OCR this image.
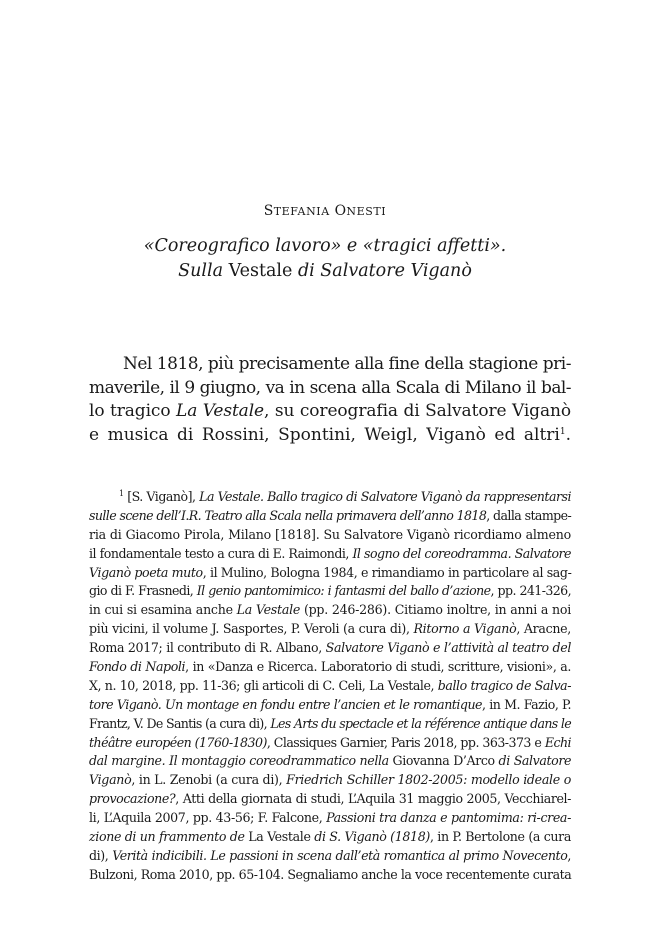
STEFANIA ONESTI
«Coreografico lavoro» e «tragici affetti».
Sulla Vestale di Salvatore Viganò
Nel 1818, più precisamente alla fine della stagione pri-
maverile, il 9 giugno, va in scena alla Scala di Milano il bal-
lo tragico La Vestale, su coreografia di Salvatore Viganò
e musica di Rossini, Spontini, Weigl, Viganò ed altri$^1$.
$^1$ [S. Viganò], La Vestale. Ballo tragico di Salvatore Viganò da rappresentarsi
sulle scene dell’I.R. Teatro alla Scala nella primavera dell’anno 1818, dalla stampe-
ria di Giacomo Pirola, Milano [1818]. Su Salvatore Viganò ricordiamo almeno
il fondamentale testo a cura di E. Raimondi, Il sogno del coreodramma. Salvatore
Viganò poeta muto, il Mulino, Bologna 1984, e rimandiamo in particolare al sag-
gio di F. Frasnedi, Il genio pantomimico: i fantasmi del ballo d’azione, pp. 241-326,
in cui si esamina anche La Vestale (pp. 246-286). Citiamo inoltre, in anni a noi
più vicini, il volume J. Sasportes, P. Veroli (a cura di), Ritorno a Viganò, Aracne,
Roma 2017; il contributo di R. Albano, Salvatore Viganò e l’attività al teatro del
Fondo di Napoli, in «Danza e Ricerca. Laboratorio di studi, scritture, visioni», a.
X, n. 10, 2018, pp. 11-36; gli articoli di C. Celi, La Vestale, ballo tragico de Salva-
tore Viganò. Un montage en fondu entre l’ancien et le romantique, in M. Fazio, P.
Frantz, V. De Santis (a cura di), Les Arts du spectacle et la référence antique dans le
théâtre européen (1760-1830), Classiques Garnier, Paris 2018, pp. 363-373 e Echi
dal margine. Il montaggio coreodrammatico nella Giovanna D’Arco di Salvatore
Viganò, in L. Zenobi (a cura di), Friedrich Schiller 1802-2005: modello ideale o
provocazione?, Atti della giornata di studi, L’Aquila 31 maggio 2005, Vecchiarel-
li, L’Aquila 2007, pp. 43-56; F. Falcone, Passioni tra danza e pantomima: ri-crea-
zione di un frammento de La Vestale di S. Viganò (1818), in P. Bertolone (a cura
di), Verità indicibili. Le passioni in scena dall’età romantica al primo Novecento,
Bulzoni, Roma 2010, pp. 65-104. Segnaliamo anche la voce recentemente curata
